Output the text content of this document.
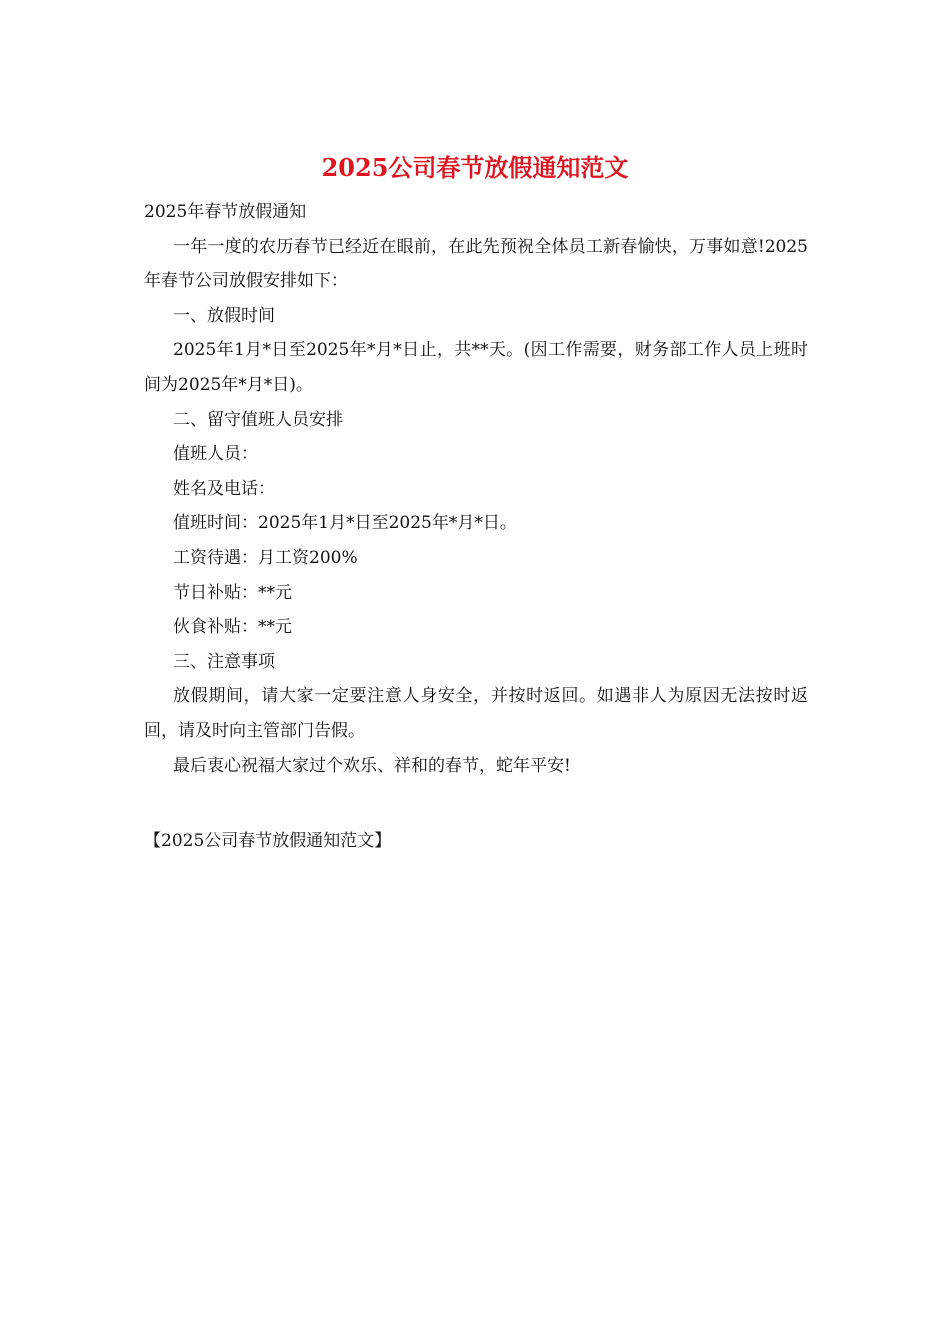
2025公司春节放假通知范文

2025年春节放假通知

一年一度的农历春节已经近在眼前，在此先预祝全体员工新春愉快，万事如意!2025年春节公司放假安排如下：

一、放假时间

2025年1月*日至2025年*月*日止，共**天。(因工作需要，财务部工作人员上班时间为2025年*月*日)。

二、留守值班人员安排

值班人员：

姓名及电话：

值班时间：2025年1月*日至2025年*月*日。

工资待遇：月工资200%

节日补贴：**元

伙食补贴：**元

三、注意事项

放假期间，请大家一定要注意人身安全，并按时返回。如遇非人为原因无法按时返回，请及时向主管部门告假。

最后衷心祝福大家过个欢乐、祥和的春节，蛇年平安!

【2025公司春节放假通知范文】
